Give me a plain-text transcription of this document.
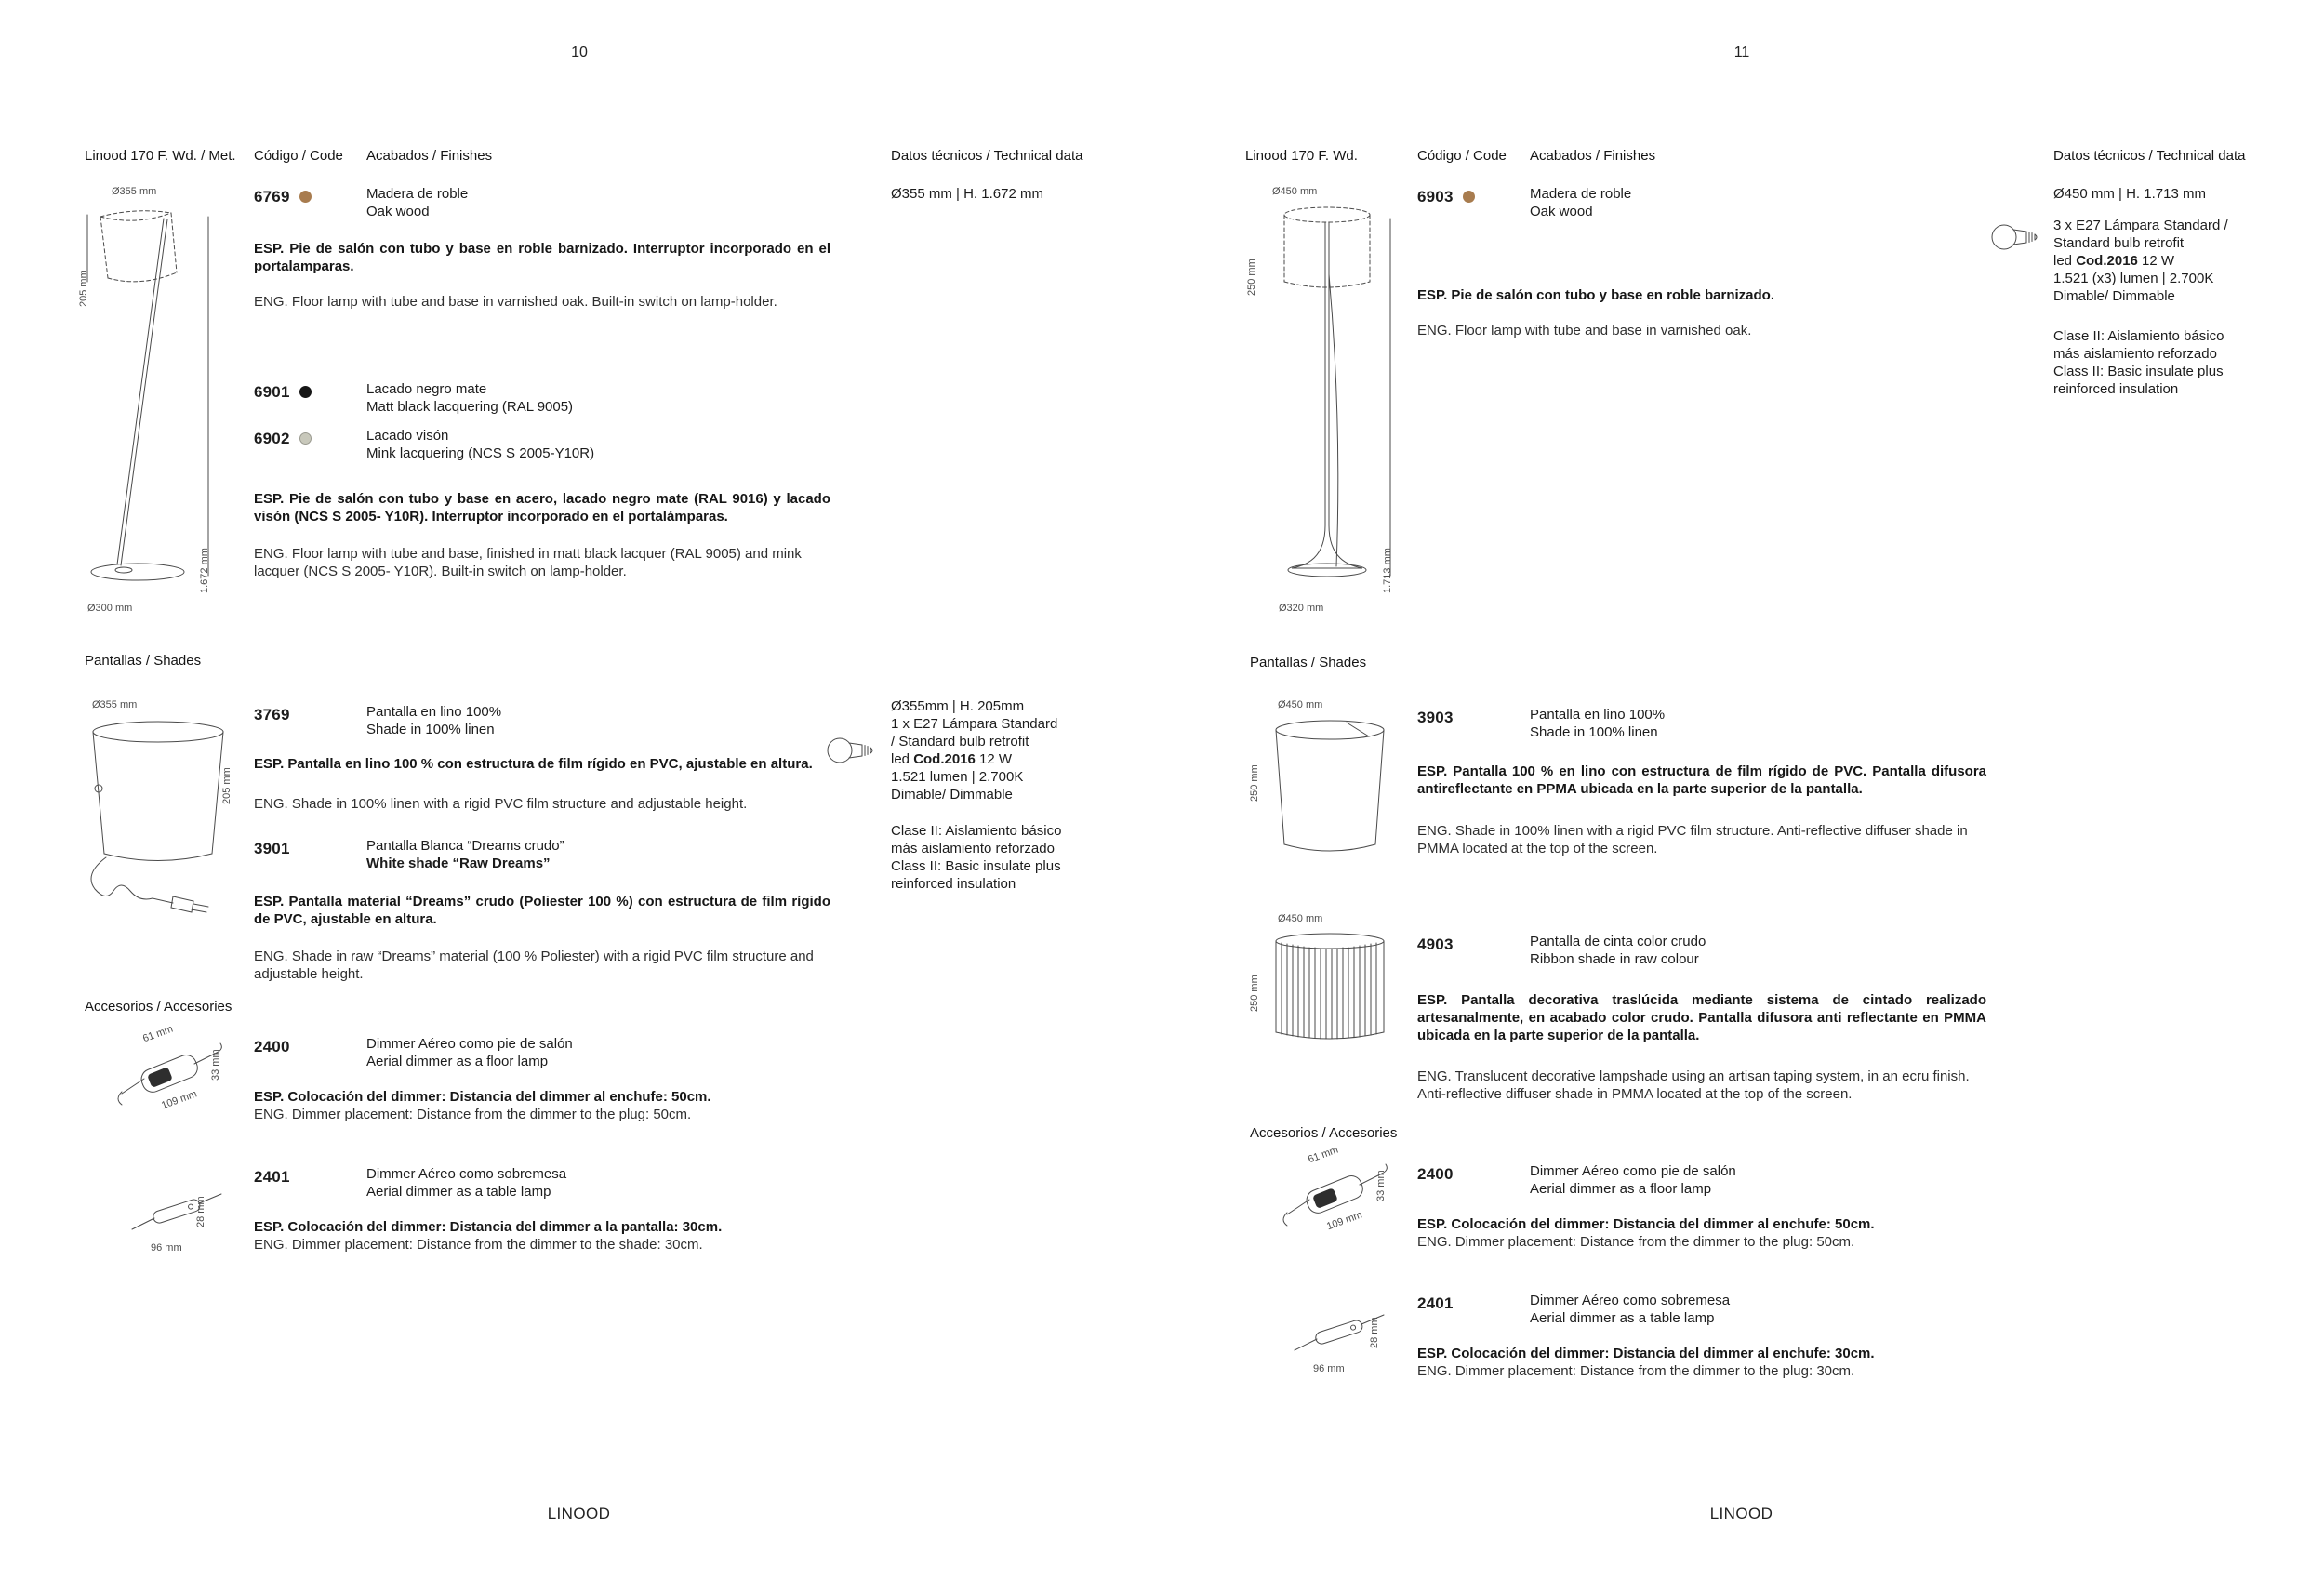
10
Linood 170 F. Wd. / Met. Código / Code Acabados / Finishes	Datos técnicos / Technical data
Ø355 mm | H. 1.672 mm
Ø355 mm
205 mm
1.672 mm
Ø300 mm
6769	Madera de roble
Oak wood
ESP. Pie de salón con tubo y base en roble barnizado. Interruptor incorporado en el portalamparas.
ENG. Floor lamp with tube and base in varnished oak. Built-in switch on lamp-holder.
6901	Lacado negro mate
Matt black lacquering (RAL 9005)
6902	Lacado visón
Mink lacquering (NCS S 2005-Y10R)
ESP. Pie de salón con tubo y base en acero, lacado negro mate (RAL 9016) y lacado visón (NCS S 2005- Y10R). Interruptor incorporado en el portalámparas.
ENG. Floor lamp with tube and base, finished in matt black lacquer (RAL 9005) and mink lacquer (NCS S 2005- Y10R). Built-in switch on lamp-holder.
Pantallas / Shades
Ø355 mm
205 mm
3769	Pantalla en lino 100%
Shade in 100% linen
ESP. Pantalla en lino 100 % con estructura de film rígido en PVC, ajustable en altura.
ENG. Shade in 100% linen with a rigid PVC film structure and adjustable height.
3901	Pantalla Blanca “Dreams crudo”
White shade “Raw Dreams”
ESP. Pantalla material “Dreams” crudo (Poliester 100 %) con estructura de film rígido de PVC, ajustable en altura.
ENG. Shade in raw “Dreams” material (100 % Poliester) with a rigid PVC film structure and adjustable height.
Ø355mm | H. 205mm
1 x E27 Lámpara Standard
/ Standard bulb retrofit
led Cod.2016 12 W
1.521 lumen | 2.700K
Dimable/ Dimmable
Clase II: Aislamiento básico
más aislamiento reforzado
Class II: Basic insulate plus
reinforced insulation
Accesorios / Accesories
61 mm
33 mm
109 mm
2400	Dimmer Aéreo como pie de salón
Aerial dimmer as a floor lamp
ESP. Colocación del dimmer: Distancia del dimmer al enchufe: 50cm.
ENG. Dimmer placement: Distance from the dimmer to the plug: 50cm.
28 mm
96 mm
2401	Dimmer Aéreo como sobremesa
Aerial dimmer as a table lamp
ESP. Colocación del dimmer: Distancia del dimmer a la pantalla: 30cm.
ENG. Dimmer placement: Distance from the dimmer to the shade: 30cm.
LINOOD
11
Linood 170 F. Wd.	Código / Code Acabados / Finishes	Datos técnicos / Technical data
Ø450 mm | H. 1.713 mm
3 x E27 Lámpara Standard /
Standard bulb retrofit
led Cod.2016 12 W
1.521 (x3) lumen | 2.700K
Dimable/ Dimmable
Clase II: Aislamiento básico
más aislamiento reforzado
Class II: Basic insulate plus
reinforced insulation
Ø450 mm
250 mm
1.713 mm
Ø320 mm
6903	Madera de roble
Oak wood
ESP. Pie de salón con tubo y base en roble barnizado.
ENG. Floor lamp with tube and base in varnished oak.
Pantallas / Shades
Ø450 mm
250 mm
3903	Pantalla en lino 100%
Shade in 100% linen
ESP. Pantalla 100 % en lino con estructura de film rígido de PVC. Pantalla difusora antireflectante en PPMA ubicada en la parte superior de la pantalla.
ENG. Shade in 100% linen with a rigid PVC film structure. Anti-reflective diffuser shade in PMMA located at the top of the screen.
Ø450 mm
250 mm
4903	Pantalla de cinta color crudo
Ribbon shade in raw colour
ESP. Pantalla decorativa traslúcida mediante sistema de cintado realizado artesanalmente, en acabado color crudo. Pantalla difusora anti reflectante en PMMA ubicada en la parte superior de la pantalla.
ENG. Translucent decorative lampshade using an artisan taping system, in an ecru finish. Anti-reflective diffuser shade in PMMA located at the top of the screen.
Accesorios / Accesories
61 mm
33 mm
109 mm
2400	Dimmer Aéreo como pie de salón
Aerial dimmer as a floor lamp
ESP. Colocación del dimmer: Distancia del dimmer al enchufe: 50cm.
ENG. Dimmer placement: Distance from the dimmer to the plug: 50cm.
28 mm
96 mm
2401	Dimmer Aéreo como sobremesa
Aerial dimmer as a table lamp
ESP. Colocación del dimmer: Distancia del dimmer al enchufe: 30cm.
ENG. Dimmer placement: Distance from the dimmer to the plug: 30cm.
LINOOD
